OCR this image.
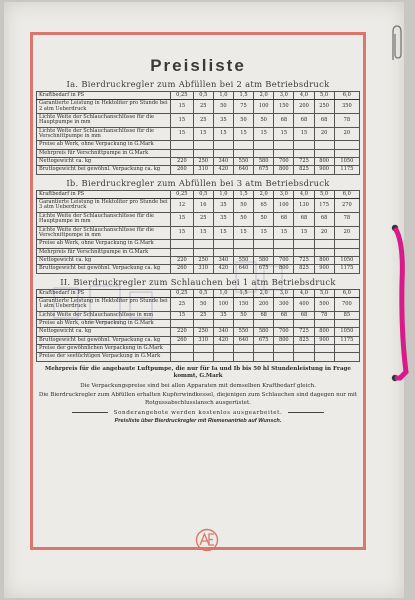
Preisliste
Ia. Bierdruckregler zum Abfüllen bei 2 atm Betriebsdruck
Kraftbedarf in PS	0,25	0,5	1,0	1,5	2,0	3,0	4,0	5,0	6,0
Garantierte Leistung in Hektoliter pro Stunde bei 2 atm Ueberdruck	15	25	50	75	100	150	200	250	350
Lichte Weite der Schlauchanschlüsse für die Hauptpumpe in mm	15	25	35	50	50	68	68	68	78
Lichte Weite der Schlauchanschlüsse für die Verschnittpumpe in mm	15	15	15	15	15	15	15	20	20
Preise ab Werk, ohne Verpackung in G.Mark									
Mehrpreis für Verschnittpumpe in G.Mark									
Nettogewicht ca. kg	220	250	340	550	580	700	725	800	1050
Bruttogewicht bei gewöhnl. Verpackung ca. kg	260	310	420	640	675	800	825	900	1175
Ib. Bierdruckregler zum Abfüllen bei 3 atm Betriebsdruck
Kraftbedarf in PS	0,25	0,5	1,0	1,5	2,0	3,0	4,0	5,0	6,0
Garantierte Leistung in Hektoliter pro Stunde bei 3 atm Ueberdruck	12	16	35	50	65	100	130	175	270
Lichte Weite der Schlauchanschlüsse für die Hauptpumpe in mm	15	25	35	50	50	68	68	68	78
Lichte Weite der Schlauchanschlüsse für die Verschnittpumpe in mm	15	15	15	15	15	15	15	20	20
Preise ab Werk, ohne Verpackung in G.Mark									
Mehrpreis für Verschnittpumpe in G.Mark									
Nettogewicht ca. kg	220	250	340	550	580	700	725	800	1050
Bruttogewicht bei gewöhnl. Verpackung ca. kg	260	310	420	640	675	800	825	900	1175
II. Bierdruckregler zum Schlauchen bei 1 atm Betriebsdruck
Kraftbedarf in PS	0,25	0,5	1,0	1,5	2,0	3,0	4,0	5,0	6,0
Garantierte Leistung in Hektoliter pro Stunde bei 1 atm Ueberdruck	25	50	100	150	200	300	400	500	700
Lichte Weite der Schlauchanschlüsse in mm	15	25	35	50	68	68	68	78	85
Preise ab Werk, ohne Verpackung in G.Mark									
Nettogewicht ca. kg	220	250	340	550	580	700	725	800	1050
Bruttogewicht bei gewöhnl. Verpackung ca. kg	260	310	420	640	675	800	825	900	1175
Preise der gewöhnlichen Verpackung in G.Mark									
Preise der seetüchtigen Verpackung in G.Mark									

Mehrpreis für die angebaute Luftpumpe, die nur für Ia und Ib bis 50 hl Stundenleistung in Frage kommt, G.Mark

Die Verpackungspreise sind bei allen Apparaten mit demselben Kraftbedarf gleich.

Die Bierdruckregler zum Abfüllen erhalten Kupferwindkessel, diejenigen zum Schlauchen sind dagegen nur mit Rotgussabschlusslansch ausgerüstet.

Sonderangebote werden kostenlos ausgearbeitet.
Preisliste über Bierdruckregler mit Riemenantrieb auf Wunsch.
